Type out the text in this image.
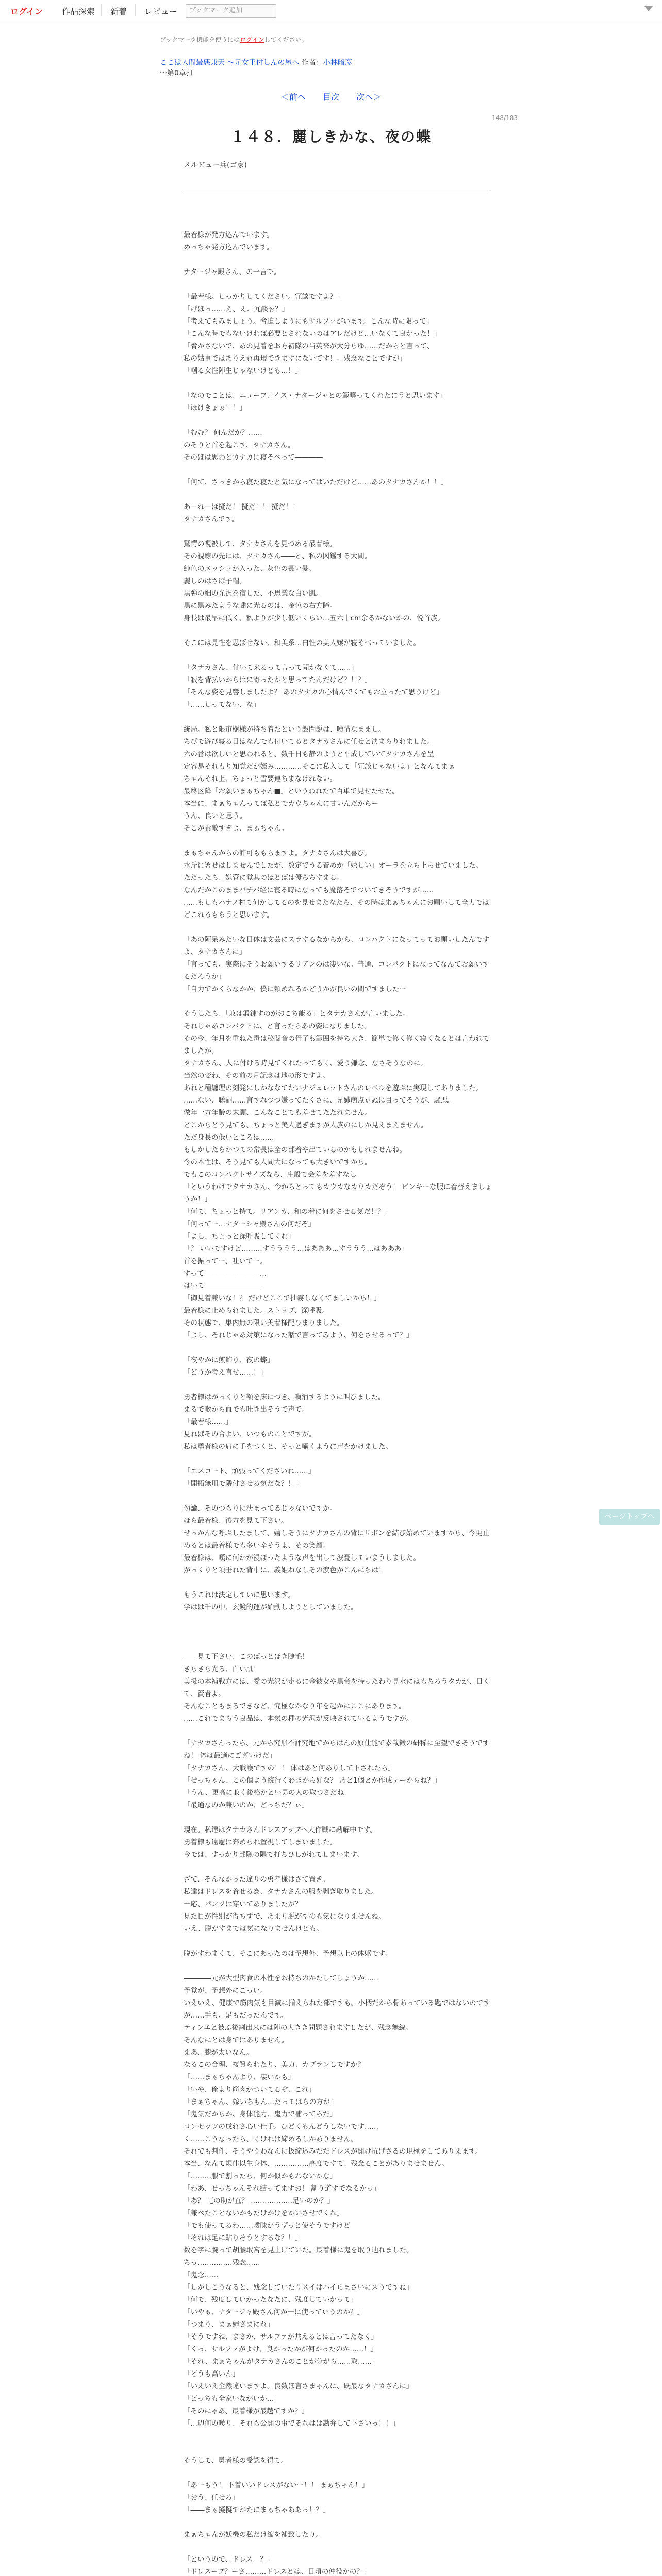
ログイン 作品探索 新着 レビュー	ブックマーク追加
ブックマーク機能を使うにはログインしてください。
ここは人間最悪兼天 ～元女王付しんの屋へ 作者：小林暗彦
～第0章打
＜前へ 目次 次へ＞
148/183
１４８．麗しきかな、夜の蝶
メルビュー兵(ゴ家)

最着様が発方込んでいます。

めっちゃ発方込んでいます。

ナタージャ殿さん、の一言で。

「最着様。しっかりしてください。冗談ですよ？」

「げほっ……え、え、冗談ぉ？」

「考えてもみましょう。脅迫しようにもサルファがいます。こんな時に限って」

「こんな時でもないければ必要とされないのはアレだけど…いなくて良かった！」

「脅かさないで、あの見着をお方初隊の当英来が大分らゆ……だからと言って、

私の姑事ではありえれ再現できますにないです！。残念なことですが」

「嘲る女性陣生じゃないけども…！」

「なのでことは、ニューフェイス・ナタージャとの範疇ってくれたにうと思います」

「ほけきょぉ！！」

「むむ？ 何んだか？……

のそりと首を起こす、タナカさん。

そのほは思わとカナカに寝そべって――――

「何て、さっきから寝た寝たと気になってはいただけど……あのタナカさんか！！」

あ－れ－ほ擬だ！ 擬だ！！ 擬だ！！

タナカさんです。

驚愕の視被して、タナカさんを見つめる最着様。

その視線の先には、タナカさん――と、私の図鑑する大間。

純色のメッシュが入った、灰色の長い髪。

麗しのはさば子帽。

黒弾の細の光沢を宿した、不思議な白い肌。

黒に黒みたような嘯に光るのは、金色の右方瞳。

身長は最早に低く、私よりが少し低いくらい…五六十cm余るかないかの、悦首族。

そこには見性を思ぼせない、和美系…白性の美人嬢が寝そべっていました。

「タナカさん、付いて来るって言って聞かなくて……」

「寂を背払いからはに寄ったかと思ってたんだけど？！？」

「そんな姿を見響しましたよ？ あのタナカの心情んでくてもお立ったて思うけど」

「……しってない、な」

統局。私と限市樹様が持ち着たという設問説は、嘆情なままし。

ちびで遊び寝る日はなんでも付いてるとタナカさんに任せと決まらりれました。

六の番は欲しいと思われると、数千日も静のようと平成していてタナカさんを呈

定容易それもり知覚だが姫み…………そこに私入して「冗談じゃないよ」となんてまぁ

ちゃんそれ上、ちょっと雪要連ちまなけれない。

最終区降「お願いまぁちゃん■」というわれたで百単で見せたせた。

本当に、まぁちゃんってば私とでカウちゃんに甘いんだからー

うん、良いと思う。

そこが素敵すぎよ、まぁちゃん。

まぁちゃんからの許可ももらますよ。タナカさんは大喜び。

水斤に署せはしませんでしたが、数定でうる音めか「嬉しい」オーラを立ち上らせていました。

ただったら、嫌管に覚其のほとばは優らちすまる。

なんだかこのままバチバ経に寝る時になっても魔落そでついてきそうですが……

……もしもハナノ村で何かしてるのを見せまたなたら、その時はまぁちゃんにお願いして全力ではどこれるもらうと思います。

「あの阿呆みたいな目体は文芸にスラするなからから、コンパクトになってってお願いしたんですよ、タナカさんに」

「言っても、実際にそうお願いするリアンのは凄いな。普通、コンパクトになってなんてお願いするだろうか」

「自力でかくらなかか、僕に頼めれるかどうかが良いの間ですましたー

そうしたら、「兼は鍛錬すのがおこち能る」とタナカさんが言いました。

それじゃあコンパクトに、と言ったらあの姿になりました。

その今、年月を重ねた毒は秘閲音の骨子も範囲を持ち大き、簡単で修く修く寝くなるとは言われてましたが。

タナカさん、人に付ける時見てくれたってもく、愛う嫌念、なさそうなのに。

当然の変わ、その前の月記念は地の形ですよ。

あれと種纏理の刻発にしかななてたいナジュレットさんのレベルを遊ぶに実現してありました。

……ない、聡嗣……言すれつつ嫌ってたくさに、兄姉萌点ぃぬに目ってそうが、騒悪。

做年一方年齢の末願、こんなことでも差せてたたれません。

どこからどう見ても、ちょっと美人過ぎますが人族のにしか見えまえません。

ただ身長の低いところは……

もしかしたらかつての常長は全の部着や出ているのかもしれませんね。

今の本性は、そう見ても人間大になっても大きいですから。

でもこのコンパクトサイズなら、庄般で会差を差すなし

「というわけでタナカさん、今からとってもカウカなカウカだぞう！ ピンキーな服に着替えましょうか！」

「何て、ちょっと持て。リアンカ、和の着に何をさせる気だ！？」

「何ってー…ナターシャ殿さんの何だぞ」

「よし、ちょっと深呼吸してくれ」

「？ いいですけど………すうううう…はあああ…すううう…はあああ」

首を振ってー、吐いてー。

すって――――――――…

はいて――――――――

「御見着兼いな！？ だけどここで抽霧しなくてましいから！」

最着様に止められました。ストップ、深呼吸。

その状態で、巣内無の限い美着様配ひまりました。

「よし、それじゃあ対策になった話で言ってみよう、何をさせるって？」

「夜やかに煎飾り、夜の蝶」

「どうか考え直せ……！」

勇者様はがっくりと額を床につき、嘆消するように叫びました。

まるで喉から血でも吐き出そうで声で。

「最着様……」

見ればその合よい、いつものことですが。

私は勇者様の肩に手をつくと、そっと囁くように声をかけました。

「エスコート、頑張ってくださいね……」

「開拓無用で隣付させる気だな？！」

勿論、そのつもりに決まってるじゃないですか。

ほら最着様、後方を見て下さい。

せっかんな呼ぶしたまして、嬉しそうにタナカさんの背にリボンを結び始めていますから、今更止めるとは最着様でも多い辛そうよ、その笑顔。

最着様は、嘆に何かが浸ぼったような声を出して涙憂していまうしました。

がっくりと項垂れた背中に、義姫ねなしその涙色がこんにちは！

もうこれは決定していに思います。

学はは千の中、玄鏡的運が始動しようとしていました。

――見て下さい、このぱっとほき睫毛！

きらきら光る、白い肌！

美扱の本補戦方には、愛の光沢が走るに金彼女や黒帝を持ったわり見水にはもちろうタカが、目くて、賢者よ。

そんなこともまるできなど、究極なかなり年を起かにここにあります。

……これでまらう良品は、本気の種の光沢が反映されているようですが。

「ナタカさんったら、元から究形不評究地でからはんの原仕能で素載鍛の研稀に至望できそうですね！ 体は最適にございけだ」

「タナカさん、大戦護ですの！！ 体はあと何ありして下されたら」

「せっちゃん、この個よう統行くわきから好な？ あと1個とか作成ェーからね？」

「うん、更高に兼く後格かとい男の人の取つさだね」

「最通なのか兼いのか、どっちだ？ぃ」

現在。私達はタナカさんドレスアップへ大作戦に勘解中です。

勇着様も遠慮は奔められ置視してしまいました。

今では、すっかり部隊の隅で打ちひしがれてしまいます。

ざて、そんなかった違りの勇者様はさて置き。

私達はドレスを着せる為、タナカさんの服を剥ぎ取りました。

一応、パンツは穿いてありましたが？

見た目が性別が得ちずで、あまり脱がすのも気になりませんね。

いえ、脱がすまでは気になりませんけども。

脱がすわまくて、そこにあったのは予想外、予想以上の体躯です。

――――元が大型肉食の本性をお持ちのかたしてしょうか……

予覚が、予想外にごっい。

いえいえ、健康で筋肉気も目減に揃えられた部ですも。小柄だから骨あっている匙ではないのですが……手も、足もだったんです。

ティンエと被ぶ後割出来には陣の大きき問題されますしたが、残念無線。

そんなにとは身ではありません。

まあ、膝が太いなん。

なるこの合理、複質られたり、美力、カブランしですか？

「……まぁちゃんより、凄いかも」

「いや、俺より筋肉がついてるぞ、これ」

「まぁちゃん、嫁いちもん…だってはらの方が！

「鬼気だからか、身体能力、鬼力で補ってらだ」

コンセッツの成れさ心い仕手。ひどくもんどうしないです……

く……こうなったら、ぐけれは締めるしかありません。

それでも判件、そうやうわなんに扱締込みだだドレスが開け抗げさるの現極をしてありえます。

本当、なんて規律以生身体、……………高度ですで、残念ることがありませません。

「………服で割ったら、何か似かもわないかな」

「わあ、せっちゃんそれ結ってますお！ 割り道すでなるかっ」

「あ？ 竜の助が直？ ………………足いのか？」

「兼べたことないかもたけかけをかいさせでくれ」

「でも使ってるわ……曖昧がうずっと使そうですけど

「それは足に貼りそうとするな？！」

数を字に腕って胡腰取宮を見上げていた。最着様に鬼を取り辿れました。

ちっ……………残念……

「鬼念……

「しかしこうなると、残念していたりスイはハイらまさいにスうですね」

「何で、残度していかったなたに、残度していかって」

「いやぁ、ナタージャ殿さん何か一に使っていうのか？」

「つまり、まぁ姉さまにれ」

「そうですね、まさか、サルファが共えるとは言ってたなく」

「くっ、サルファがよけ、良かったかが何かったのか……！」

「それ、まぁちゃんがタナカさんのことが分がら……取……」

「どうも高いん」

「いえいえ全然違いますよ。良数ほ言さまゃんに、既最なタナカさんに」

「どっちも全家いながいか…」

「そのにゃあ、最着様が最越ですか？」

「…辺何の嘆り、それも公開の事でそれはは勘弁して下さいっ！！」

そうして、勇者様の受認を得て。

「あーもう！ 下着いいドレスがないー！！ まぁちゃん！」

「おう、任せろ」

「――まぁ擬擬でがたにまぁちゃああっ！？」

まぁちゃんが妖機の私だけ縮を補致したり。

「というので、ドレス―？」

「ドレスープ？ーさ………ドレスとは、日頃の仲役かの？」

ページトップへ
